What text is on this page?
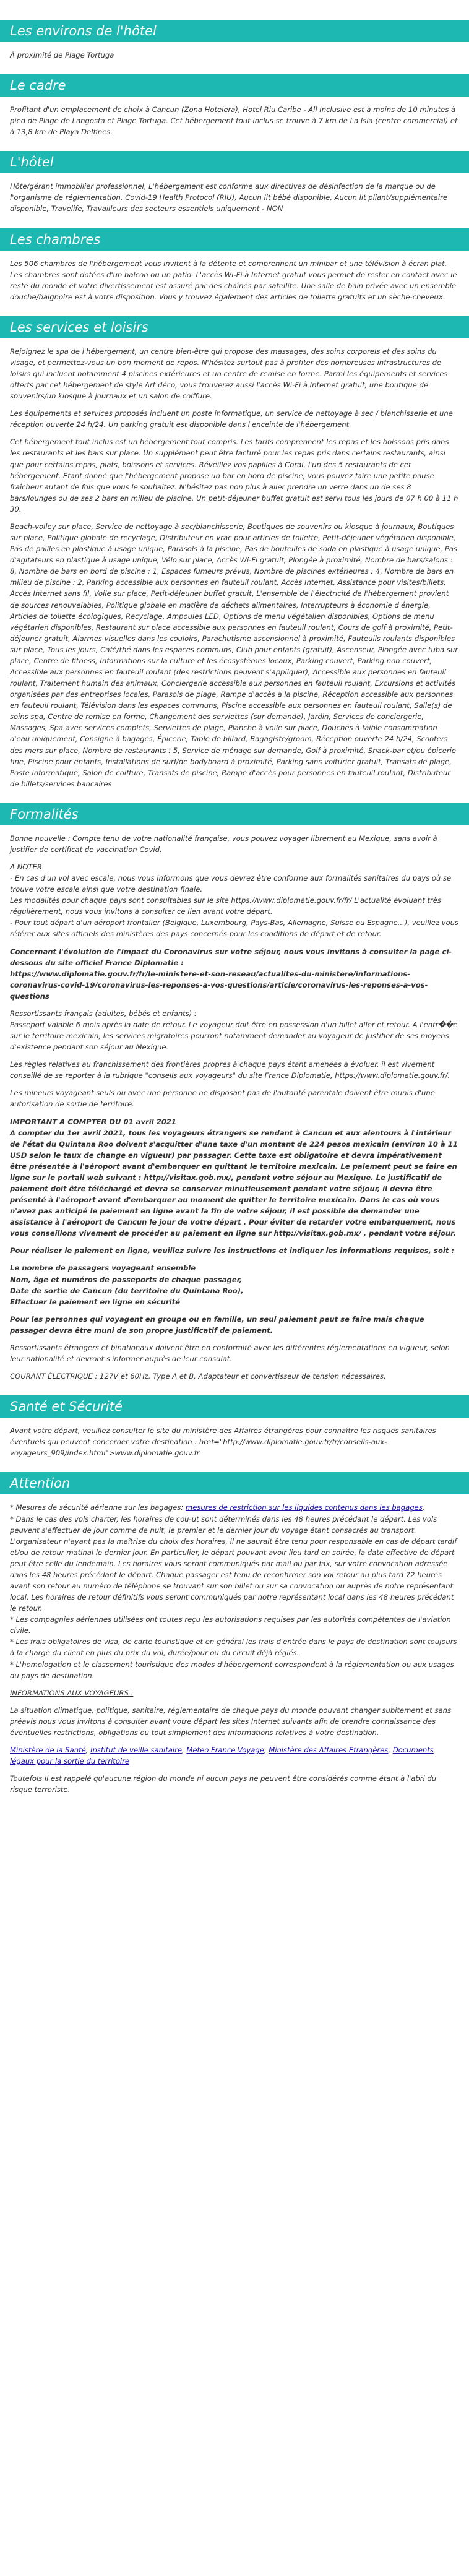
Les environs de l'hôtel

À proximité de Plage Tortuga

Le cadre

Profitant d'un emplacement de choix à Cancun (Zona Hotelera), Hotel Riu Caribe - All Inclusive est à moins de 10 minutes à pied de Plage de Langosta et Plage Tortuga. Cet hébergement tout inclus se trouve à 7 km de La Isla (centre commercial) et à 13,8 km de Playa Delfines.

L'hôtel

Hôte/gérant immobilier professionnel, L'hébergement est conforme aux directives de désinfection de la marque ou de l'organisme de réglementation. Covid-19 Health Protocol (RIU), Aucun lit bébé disponible, Aucun lit pliant/supplémentaire disponible, Travelife, Travailleurs des secteurs essentiels uniquement - NON

Les chambres

Les 506 chambres de l'hébergement vous invitent à la détente et comprennent un minibar et une télévision à écran plat. Les chambres sont dotées d'un balcon ou un patio. L'accès Wi-Fi à Internet gratuit vous permet de rester en contact avec le reste du monde et votre divertissement est assuré par des chaînes par satellite. Une salle de bain privée avec un ensemble douche/baignoire est à votre disposition. Vous y trouvez également des articles de toilette gratuits et un sèche-cheveux.

Les services et loisirs

Rejoignez le spa de l'hébergement, un centre bien-être qui propose des massages, des soins corporels et des soins du visage, et permettez-vous un bon moment de repos. N'hésitez surtout pas à profiter des nombreuses infrastructures de loisirs qui incluent notamment 4 piscines extérieures et un centre de remise en forme. Parmi les équipements et services offerts par cet hébergement de style Art déco, vous trouverez aussi l'accès Wi-Fi à Internet gratuit, une boutique de souvenirs/un kiosque à journaux et un salon de coiffure.

Les équipements et services proposés incluent un poste informatique, un service de nettoyage à sec / blanchisserie et une réception ouverte 24 h/24. Un parking gratuit est disponible dans l'enceinte de l'hébergement.

Cet hébergement tout inclus est un hébergement tout compris. Les tarifs comprennent les repas et les boissons pris dans les restaurants et les bars sur place. Un supplément peut être facturé pour les repas pris dans certains restaurants, ainsi que pour certains repas, plats, boissons et services. Réveillez vos papilles à Coral, l'un des 5 restaurants de cet hébergement. Étant donné que l'hébergement propose un bar en bord de piscine, vous pouvez faire une petite pause fraîcheur autant de fois que vous le souhaitez. N'hésitez pas non plus à aller prendre un verre dans un de ses 8 bars/lounges ou de ses 2 bars en milieu de piscine. Un petit-déjeuner buffet gratuit est servi tous les jours de 07 h 00 à 11 h 30.

Beach-volley sur place, Service de nettoyage à sec/blanchisserie, Boutiques de souvenirs ou kiosque à journaux, Boutiques sur place, Politique globale de recyclage, Distributeur en vrac pour articles de toilette, Petit-déjeuner végétarien disponible, Pas de pailles en plastique à usage unique, Parasols à la piscine, Pas de bouteilles de soda en plastique à usage unique, Pas d'agitateurs en plastique à usage unique, Vélo sur place, Accès Wi-Fi gratuit, Plongée à proximité, Nombre de bars/salons : 8, Nombre de bars en bord de piscine : 1, Espaces fumeurs prévus, Nombre de piscines extérieures : 4, Nombre de bars en milieu de piscine : 2, Parking accessible aux personnes en fauteuil roulant, Accès Internet, Assistance pour visites/billets, Accès Internet sans fil, Voile sur place, Petit-déjeuner buffet gratuit, L'ensemble de l'électricité de l'hébergement provient de sources renouvelables, Politique globale en matière de déchets alimentaires, Interrupteurs à économie d'énergie, Articles de toilette écologiques, Recyclage, Ampoules LED, Options de menu végétalien disponibles, Options de menu végétarien disponibles, Restaurant sur place accessible aux personnes en fauteuil roulant, Cours de golf à proximité, Petit-déjeuner gratuit, Alarmes visuelles dans les couloirs, Parachutisme ascensionnel à proximité, Fauteuils roulants disponibles sur place, Tous les jours, Café/thé dans les espaces communs, Club pour enfants (gratuit), Ascenseur, Plongée avec tuba sur place, Centre de fitness, Informations sur la culture et les écosystèmes locaux, Parking couvert, Parking non couvert, Accessible aux personnes en fauteuil roulant (des restrictions peuvent s'appliquer), Accessible aux personnes en fauteuil roulant, Traitement humain des animaux, Conciergerie accessible aux personnes en fauteuil roulant, Excursions et activités organisées par des entreprises locales, Parasols de plage, Rampe d'accès à la piscine, Réception accessible aux personnes en fauteuil roulant, Télévision dans les espaces communs, Piscine accessible aux personnes en fauteuil roulant, Salle(s) de soins spa, Centre de remise en forme, Changement des serviettes (sur demande), Jardin, Services de conciergerie, Massages, Spa avec services complets, Serviettes de plage, Planche à voile sur place, Douches à faible consommation d'eau uniquement, Consigne à bagages, Épicerie, Table de billard, Bagagiste/groom, Réception ouverte 24 h/24, Scooters des mers sur place, Nombre de restaurants : 5, Service de ménage sur demande, Golf à proximité, Snack-bar et/ou épicerie fine, Piscine pour enfants, Installations de surf/de bodyboard à proximité, Parking sans voiturier gratuit, Transats de plage, Poste informatique, Salon de coiffure, Transats de piscine, Rampe d'accès pour personnes en fauteuil roulant, Distributeur de billets/services bancaires

Formalités

Bonne nouvelle : Compte tenu de votre nationalité française, vous pouvez voyager librement au Mexique, sans avoir à justifier de certificat de vaccination Covid.

A NOTER

- En cas d'un vol avec escale, nous vous informons que vous devrez être conforme aux formalités sanitaires du pays où se trouve votre escale ainsi que votre destination finale.

Les modalités pour chaque pays sont consultables sur le site https://www.diplomatie.gouv.fr/fr/ L'actualité évoluant très régulièrement, nous vous invitons à consulter ce lien avant votre départ.

- Pour tout départ d'un aéroport frontalier (Belgique, Luxembourg, Pays-Bas, Allemagne, Suisse ou Espagne...), veuillez vous référer aux sites officiels des ministères des pays concernés pour les conditions de départ et de retour.

Concernant l'évolution de l'impact du Coronavirus sur votre séjour, nous vous invitons à consulter la page ci-dessous du site officiel France Diplomatie :

https://www.diplomatie.gouv.fr/fr/le-ministere-et-son-reseau/actualites-du-ministere/informations-coronavirus-covid-19/coronavirus-les-reponses-a-vos-questions/article/coronavirus-les-reponses-a-vos-questions

Ressortissants français (adultes, bébés et enfants) :

Passeport valable 6 mois après la date de retour. Le voyageur doit être en possession d'un billet aller et retour. A l'entr��e sur le territoire mexicain, les services migratoires pourront notamment demander au voyageur de justifier de ses moyens d'existence pendant son séjour au Mexique.

Les règles relatives au franchissement des frontières propres à chaque pays étant amenées à évoluer, il est vivement conseillé de se reporter à la rubrique "conseils aux voyageurs" du site France Diplomatie, https://www.diplomatie.gouv.fr/.

Les mineurs voyageant seuls ou avec une personne ne disposant pas de l'autorité parentale doivent être munis d'une autorisation de sortie de territoire.

IMPORTANT A COMPTER DU 01 avril 2021

A compter du 1er avril 2021, tous les voyageurs étrangers se rendant à Cancun et aux alentours à l'intérieur de l'état du Quintana Roo doivent s'acquitter d'une taxe d'un montant de 224 pesos mexicain (environ 10 à 11 USD selon le taux de change en vigueur) par passager. Cette taxe est obligatoire et devra impérativement être présentée à l'aéroport avant d'embarquer en quittant le territoire mexicain. Le paiement peut se faire en ligne sur le portail web suivant : http://visitax.gob.mx/, pendant votre séjour au Mexique. Le justificatif de paiement doit être téléchargé et devra se conserver minutieusement pendant votre séjour, il devra être présenté à l'aéroport avant d'embarquer au moment de quitter le territoire mexicain. Dans le cas où vous n'avez pas anticipé le paiement en ligne avant la fin de votre séjour, il est possible de demander une assistance à l'aéroport de Cancun le jour de votre départ . Pour éviter de retarder votre embarquement, nous vous conseillons vivement de procéder au paiement en ligne sur http://visitax.gob.mx/ , pendant votre séjour.

Pour réaliser le paiement en ligne, veuillez suivre les instructions et indiquer les informations requises, soit :

Le nombre de passagers voyageant ensemble
Nom, âge et numéros de passeports de chaque passager,
Date de sortie de Cancun (du territoire du Quintana Roo),
Effectuer le paiement en ligne en sécurité

Pour les personnes qui voyagent en groupe ou en famille, un seul paiement peut se faire mais chaque passager devra être muni de son propre justificatif de paiement.

Ressortissants étrangers et binationaux doivent être en conformité avec les différentes réglementations en vigueur, selon leur nationalité et devront s'informer auprès de leur consulat.

COURANT ÉLECTRIQUE : 127V et 60Hz. Type A et B. Adaptateur et convertisseur de tension nécessaires.

Santé et Sécurité

Avant votre départ, veuillez consulter le site du ministère des Affaires étrangères pour connaître les risques sanitaires éventuels qui peuvent concerner votre destination : href="http://www.diplomatie.gouv.fr/fr/conseils-aux-voyageurs_909/index.html">www.diplomatie.gouv.fr

Attention

* Mesures de sécurité aérienne sur les bagages: mesures de restriction sur les liquides contenus dans les bagages.

* Dans le cas des vols charter, les horaires de cou-ut sont déterminés dans les 48 heures précédant le départ. Les vols peuvent s'effectuer de jour comme de nuit, le premier et le dernier jour du voyage étant consacrés au transport. L'organisateur n'ayant pas la maîtrise du choix des horaires, il ne saurait être tenu pour responsable en cas de départ tardif et/ou de retour matinal le dernier jour. En particulier, le départ pouvant avoir lieu tard en soirée, la date effective de départ peut être celle du lendemain. Les horaires vous seront communiqués par mail ou par fax, sur votre convocation adressée dans les 48 heures précédant le départ. Chaque passager est tenu de reconfirmer son vol retour au plus tard 72 heures avant son retour au numéro de téléphone se trouvant sur son billet ou sur sa convocation ou auprès de notre représentant local. Les horaires de retour définitifs vous seront communiqués par notre représentant local dans les 48 heures précédant le retour.

* Les compagnies aériennes utilisées ont toutes reçu les autorisations requises par les autorités compétentes de l'aviation civile.

* Les frais obligatoires de visa, de carte touristique et en général les frais d'entrée dans le pays de destination sont toujours à la charge du client en plus du prix du vol, durée/pour ou du circuit déjà réglés.

* L'homologation et le classement touristique des modes d'hébergement correspondent à la réglementation ou aux usages du pays de destination.

INFORMATIONS AUX VOYAGEURS :

La situation climatique, politique, sanitaire, réglementaire de chaque pays du monde pouvant changer subitement et sans préavis nous vous invitons à consulter avant votre départ les sites Internet suivants afin de prendre connaissance des éventuelles restrictions, obligations ou tout simplement des informations relatives à votre destination.

Ministère de la Santé, Institut de veille sanitaire, Meteo France Voyage, Ministère des Affaires Etrangères, Documents légaux pour la sortie du territoire

Toutefois il est rappelé qu'aucune région du monde ni aucun pays ne peuvent être considérés comme étant à l'abri du risque terroriste.
